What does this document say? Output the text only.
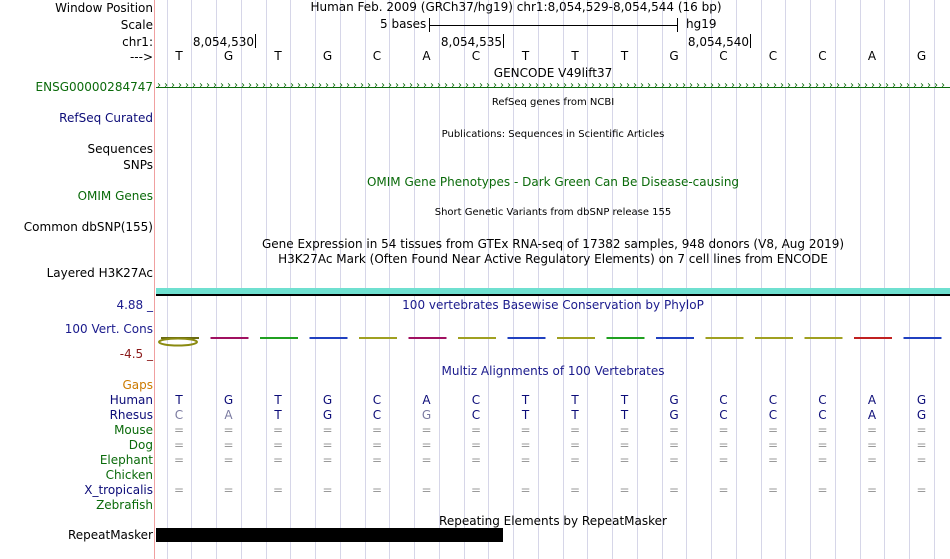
Window Position	Human Feb. 2009 (GRCh37/hg19) chr1:8,054,529-8,054,544 (16 bp)
Scale	5 bases	hg19
chr1:	8,054,530	8,054,535	8,054,540
--->	T	G	T	G	C	A	C	T	T	T	G	C	C	C	A	G
GENCODE V49lift37
ENSG00000284747 › › › › › › › › › › › › › › › › › › › › › › › › › › › › › › › › › › › › › › › › › › › › › › › › › › › › › › › › › › › › › › › › › › › › › › › › › › › › › › › › › › › › › › › › › › › › › › › › › › › › › › › › › › › › › › › › ›
RefSeq genes from NCBI
RefSeq Curated
Publications: Sequences in Scientific Articles
Sequences
SNPs
OMIM Gene Phenotypes - Dark Green Can Be Disease-causing
OMIM Genes
Short Genetic Variants from dbSNP release 155
Common dbSNP(155)
Gene Expression in 54 tissues from GTEx RNA-seq of 17382 samples, 948 donors (V8, Aug 2019)
H3K27Ac Mark (Often Found Near Active Regulatory Elements) on 7 cell lines from ENCODE
Layered H3K27Ac
100 vertebrates Basewise Conservation by PhyloP
4.88 _
100 Vert. Cons
-4.5 _
Multiz Alignments of 100 Vertebrates
Gaps
Human	T	G	T	G	C	A	C	T	T	T	G	C	C	C	A	G
Rhesus	C	A	T	G	C	G	C	T	T	T	G	C	C	C	A	G
Mouse	=	=	=	=	=	=	=	=	=	=	=	=	=	=	=	=
Dog	=	=	=	=	=	=	=	=	=	=	=	=	=	=	=	=
Elephant	=	=	=	=	=	=	=	=	=	=	=	=	=	=	=	=
Chicken
X_tropicalis	=	=	=	=	=	=	=	=	=	=	=	=	=	=	=	=
Zebrafish
Repeating Elements by RepeatMasker
RepeatMasker
